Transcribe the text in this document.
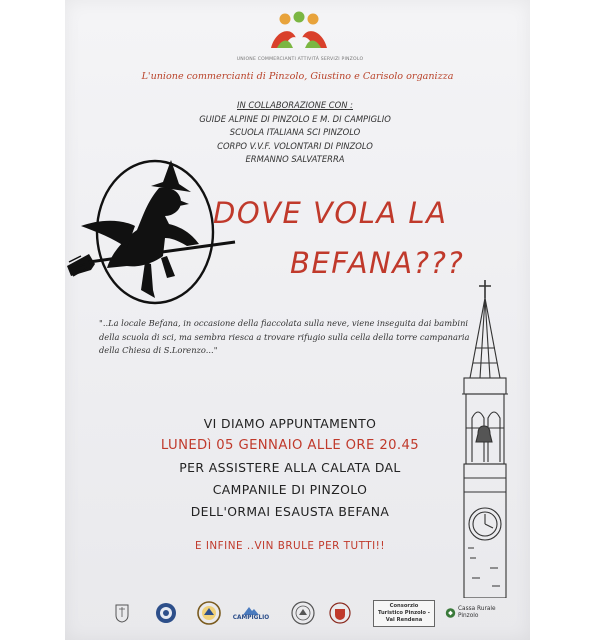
UNIONE COMMERCIANTI ATTIVITÀ SERVIZI PINZOLO
L'unione commercianti di Pinzolo, Giustino e Carisolo organizza
IN COLLABORAZIONE CON :
GUIDE ALPINE DI PINZOLO E M. DI CAMPIGLIO
SCUOLA ITALIANA SCI PINZOLO
CORPO V.V.F. VOLONTARI DI PINZOLO
ERMANNO SALVATERRA
DOVE VOLA LA
BEFANA???
"..La locale Befana, in occasione della fiaccolata sulla neve, viene inseguita dai bambini della scuola di sci, ma sembra riesca a trovare rifugio sulla cella della torre campanaria della Chiesa di S.Lorenzo..."
VI DIAMO APPUNTAMENTO
LUNEDì 05 GENNAIO ALLE ORE 20.45
PER ASSISTERE ALLA CALATA DAL
CAMPANILE DI PINZOLO
DELL'ORMAI ESAUSTA BEFANA
E INFINE ..VIN BRULE PER TUTTI!!
CAMPIGLIO
Consorzio Turistico Pinzolo -Val Rendena
Cassa Rurale Pinzolo
